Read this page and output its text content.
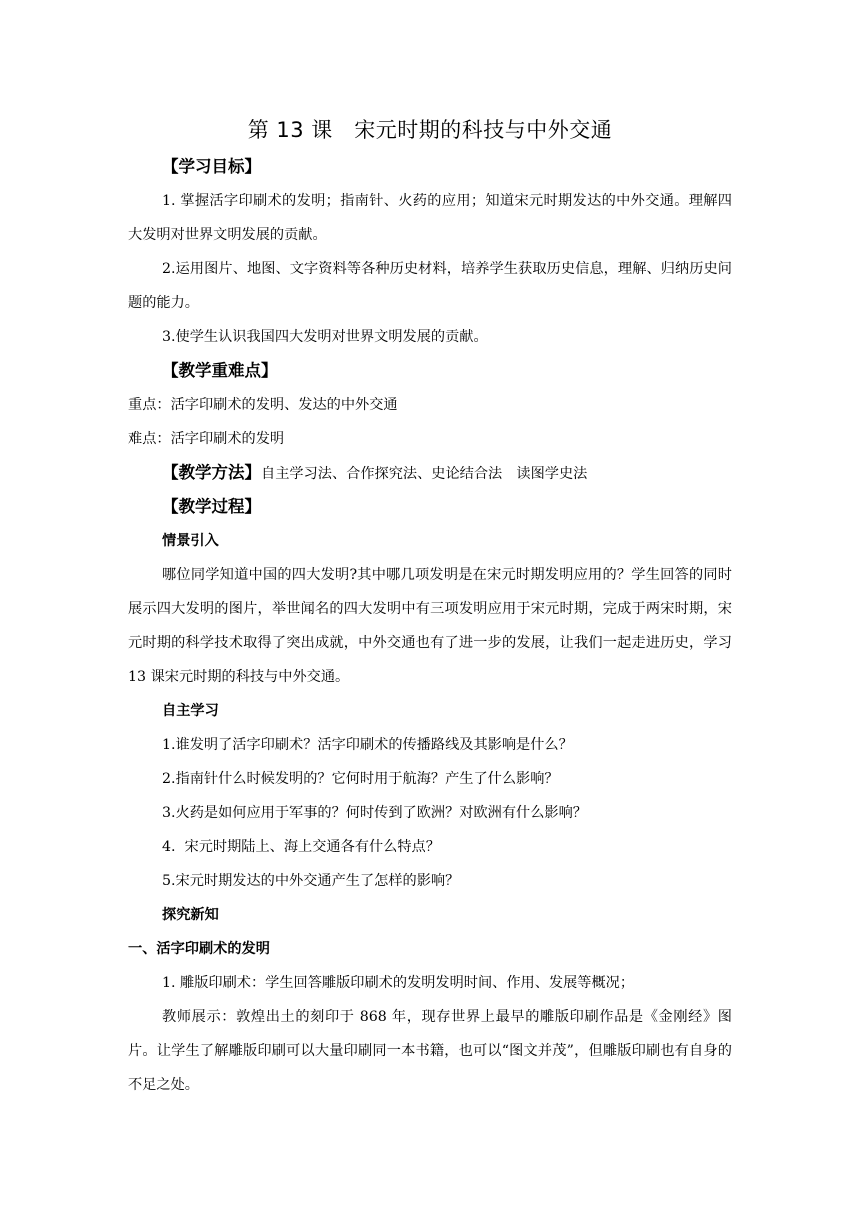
第 13 课　宋元时期的科技与中外交通
【学习目标】

1. 掌握活字印刷术的发明；指南针、火药的应用；知道宋元时期发达的中外交通。理解四大发明对世界文明发展的贡献。

2.运用图片、地图、文字资料等各种历史材料，培养学生获取历史信息，理解、归纳历史问题的能力。

3.使学生认识我国四大发明对世界文明发展的贡献。

【教学重难点】
重点：活字印刷术的发明、发达的中外交通
难点：活字印刷术的发明
【教学方法】自主学习法、合作探究法、史论结合法　读图学史法
【教学过程】
情景引入

哪位同学知道中国的四大发明?其中哪几项发明是在宋元时期发明应用的？学生回答的同时展示四大发明的图片，举世闻名的四大发明中有三项发明应用于宋元时期，完成于两宋时期，宋元时期的科学技术取得了突出成就，中外交通也有了进一步的发展，让我们一起走进历史，学习 13 课宋元时期的科技与中外交通。

自主学习
1.谁发明了活字印刷术？活字印刷术的传播路线及其影响是什么？
2.指南针什么时候发明的？它何时用于航海？产生了什么影响？
3.火药是如何应用于军事的？何时传到了欧洲？对欧洲有什么影响？
4.  宋元时期陆上、海上交通各有什么特点？
5.宋元时期发达的中外交通产生了怎样的影响？
探究新知
一、活字印刷术的发明

1. 雕版印刷术：学生回答雕版印刷术的发明发明时间、作用、发展等概况；

教师展示：敦煌出土的刻印于 868 年，现存世界上最早的雕版印刷作品是《金刚经》图片。让学生了解雕版印刷可以大量印刷同一本书籍，也可以“图文并茂”，但雕版印刷也有自身的不足之处。
